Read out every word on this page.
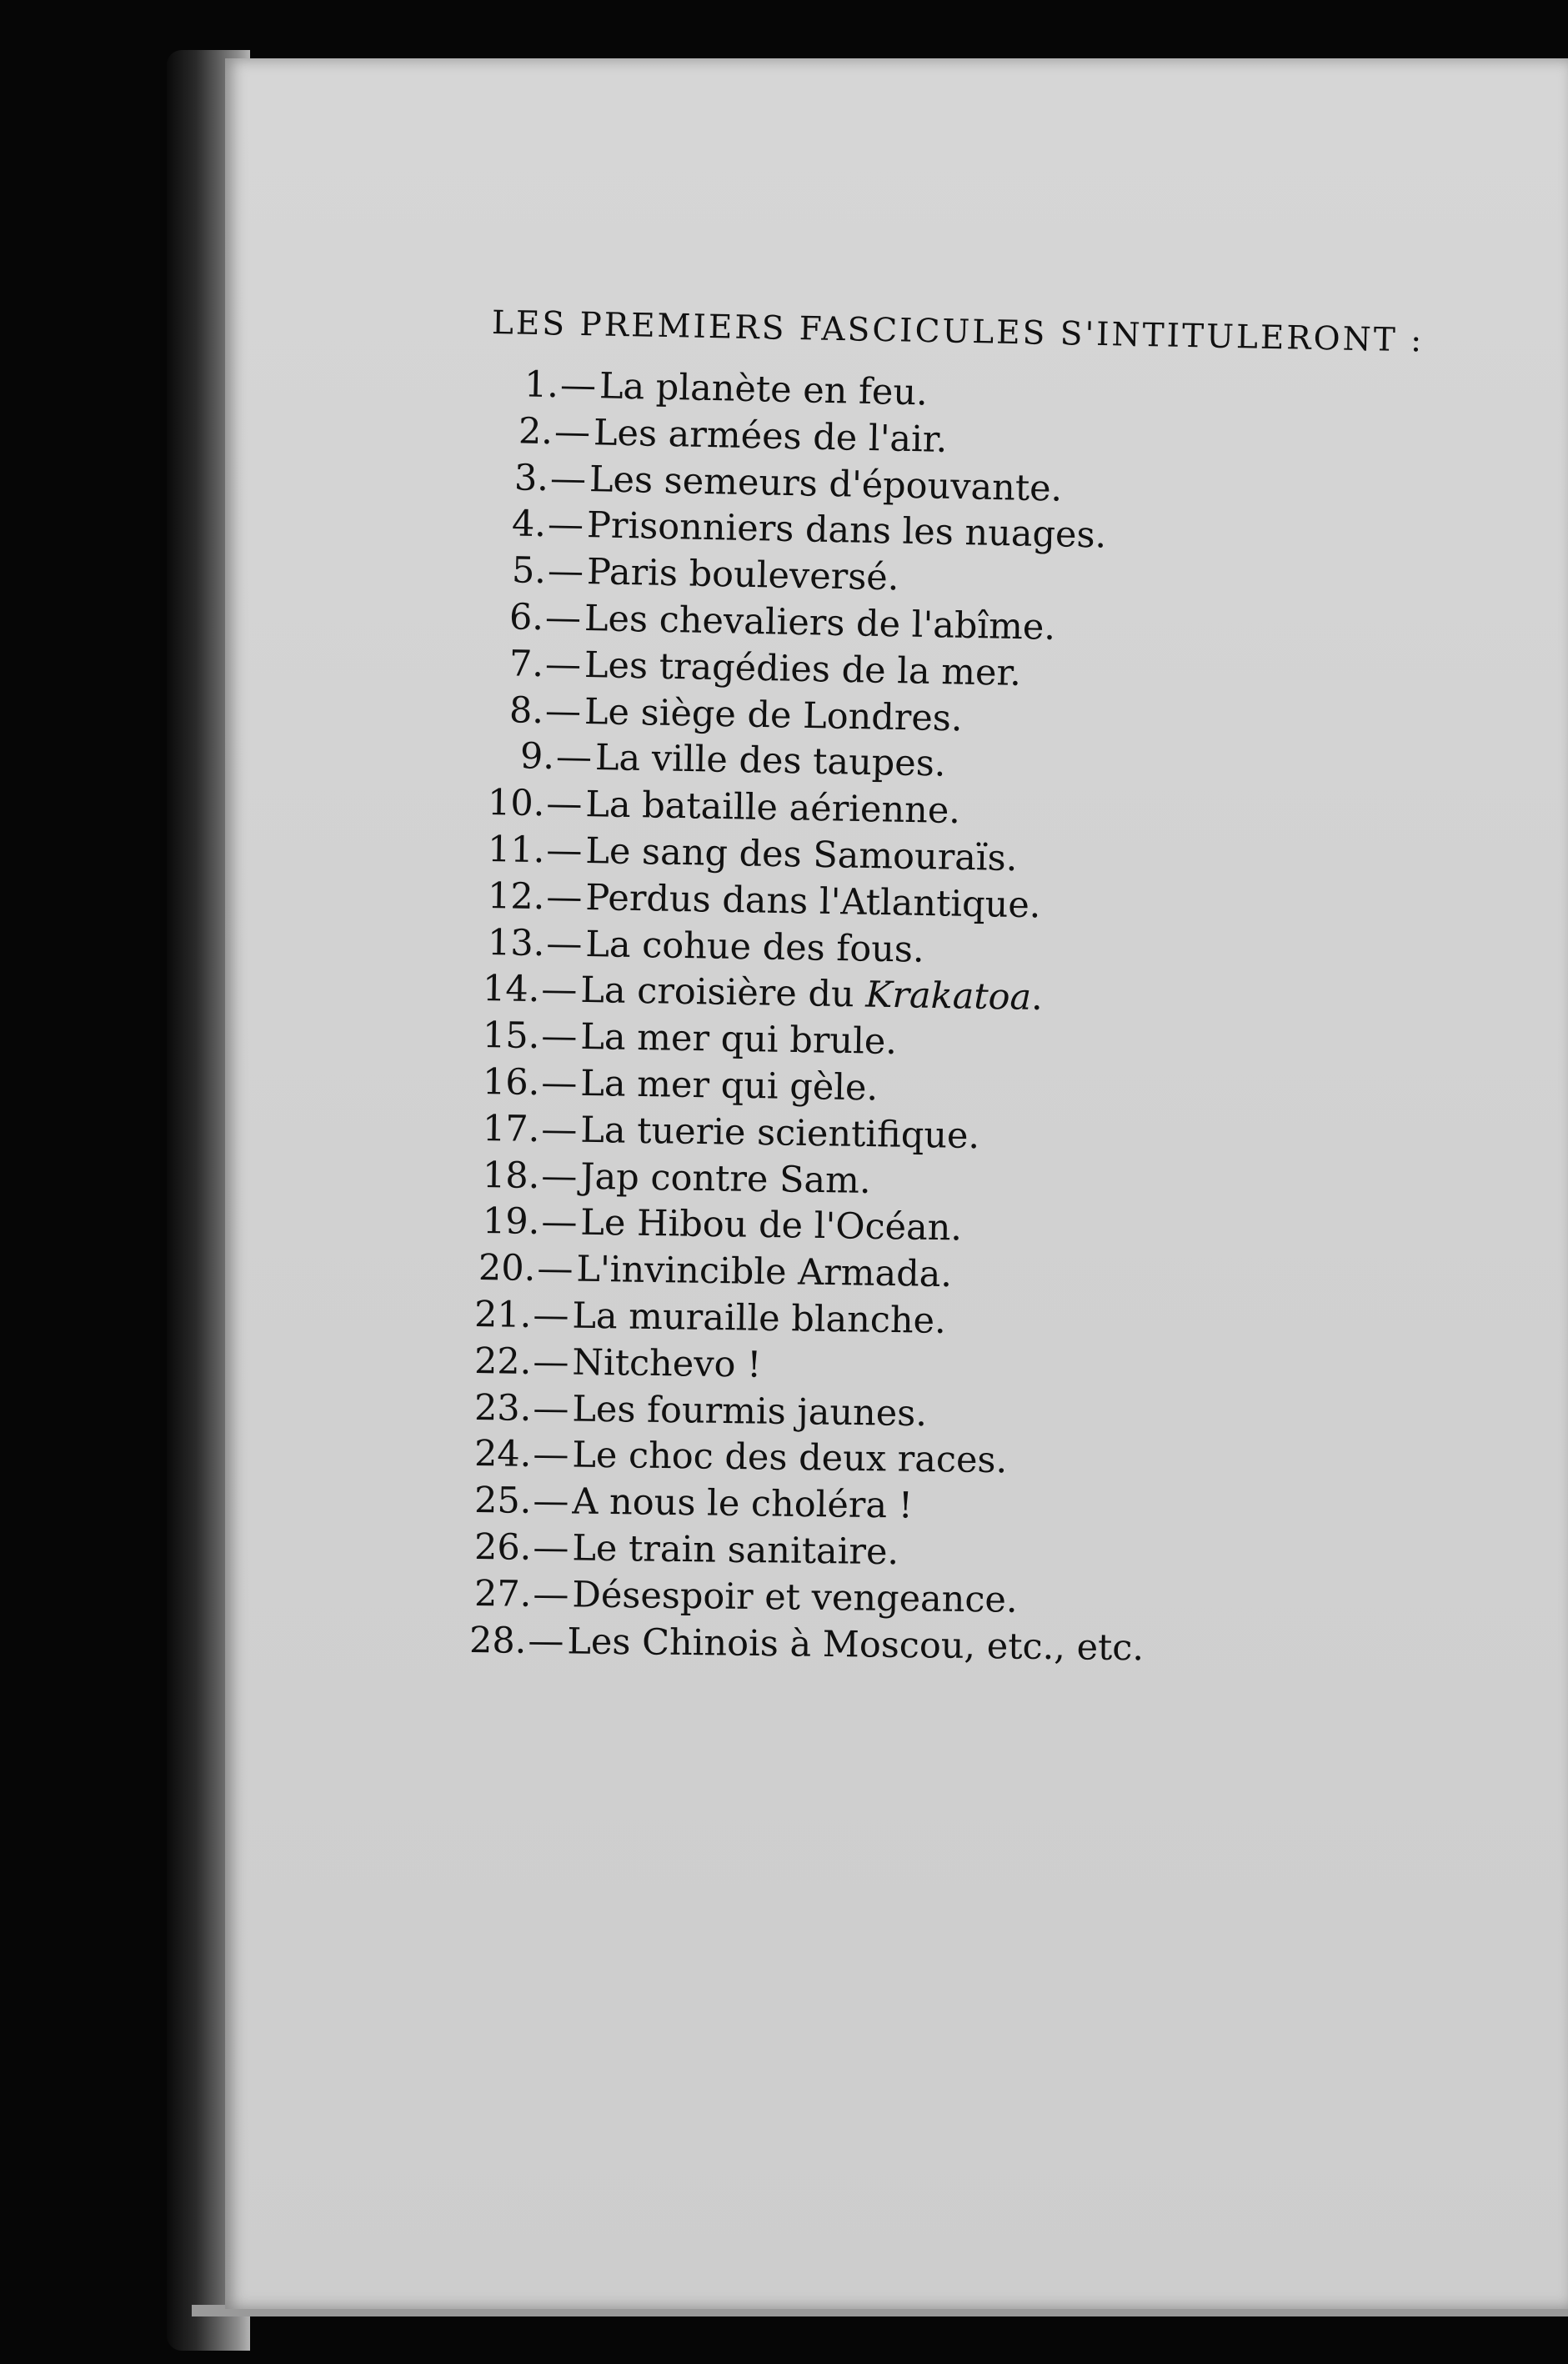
LES PREMIERS FASCICULES S'INTITULERONT :
1.—La planète en feu.
2.—Les armées de l'air.
3.—Les semeurs d'épouvante.
4.—Prisonniers dans les nuages.
5.—Paris bouleversé.
6.—Les chevaliers de l'abîme.
7.—Les tragédies de la mer.
8.—Le siège de Londres.
9.—La ville des taupes.
10.—La bataille aérienne.
11.—Le sang des Samouraïs.
12.—Perdus dans l'Atlantique.
13.—La cohue des fous.
14.—La croisière du Krakatoa.
15.—La mer qui brule.
16.—La mer qui gèle.
17.—La tuerie scientifique.
18.—Jap contre Sam.
19.—Le Hibou de l'Océan.
20.—L'invincible Armada.
21.—La muraille blanche.
22.—Nitchevo !
23.—Les fourmis jaunes.
24.—Le choc des deux races.
25.—A nous le choléra !
26.—Le train sanitaire.
27.—Désespoir et vengeance.
28.—Les Chinois à Moscou, etc., etc.
